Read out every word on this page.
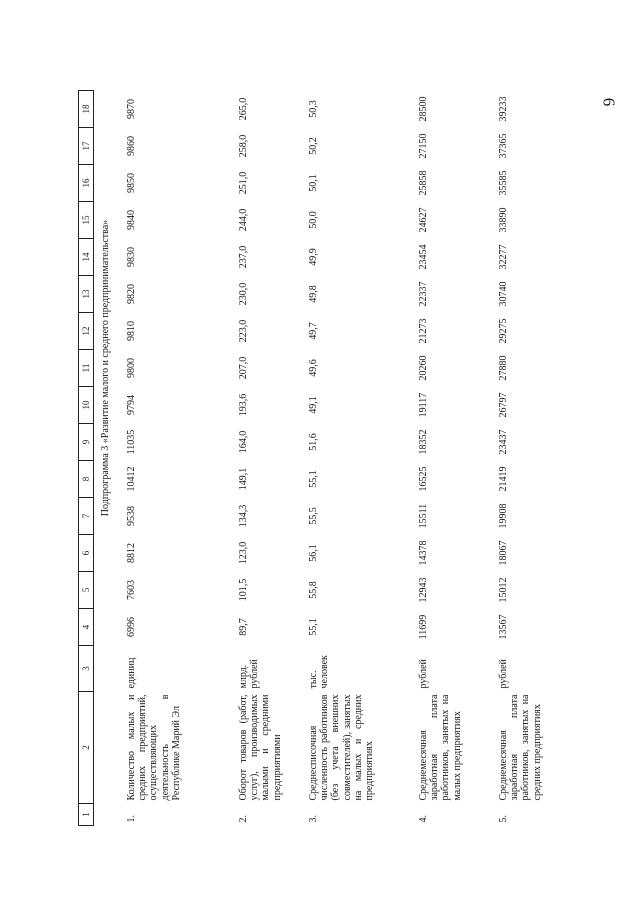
6
1	2	3	4	5	6	7	8	9	10	11	12	13	14	15	16	17	18
			Подпрограмма 3 «Развитие малого и среднего предпринимательства»														
1.	Количество малых и средних предприятий, осуществляющих деятельность в Республике Марий Эл	единиц	6996	7603	8812	9538	10412	11035	9794	9800	9810	9820	9830	9840	9850	9860	9870
2.	Оборот товаров (работ, услуг), производимых малыми и средними предприятиями	млрд. рублей	89,7	101,5	123,0	134,3	149,1	164,0	193,6	207,0	223,0	230,0	237,0	244,0	251,0	258,0	265,0
3.	Среднесписочная численность работников (без учета внешних совместителей), занятых на малых и средних предприятиях	тыс. человек	55,1	55,8	56,1	55,5	55,1	51,6	49,1	49,6	49,7	49,8	49,9	50,0	50,1	50,2	50,3
4.	Среднемесячная заработная плата работников, занятых на малых предприятиях	рублей	11699	12943	14378	15511	16525	18352	19117	20260	21273	22337	23454	24627	25858	27150	28500
5.	Среднемесячная заработная плата работников, занятых на средних предприятиях	рублей	13567	15012	18067	19908	21419	23437	26797	27880	29275	30740	32277	33890	35585	37365	39233
